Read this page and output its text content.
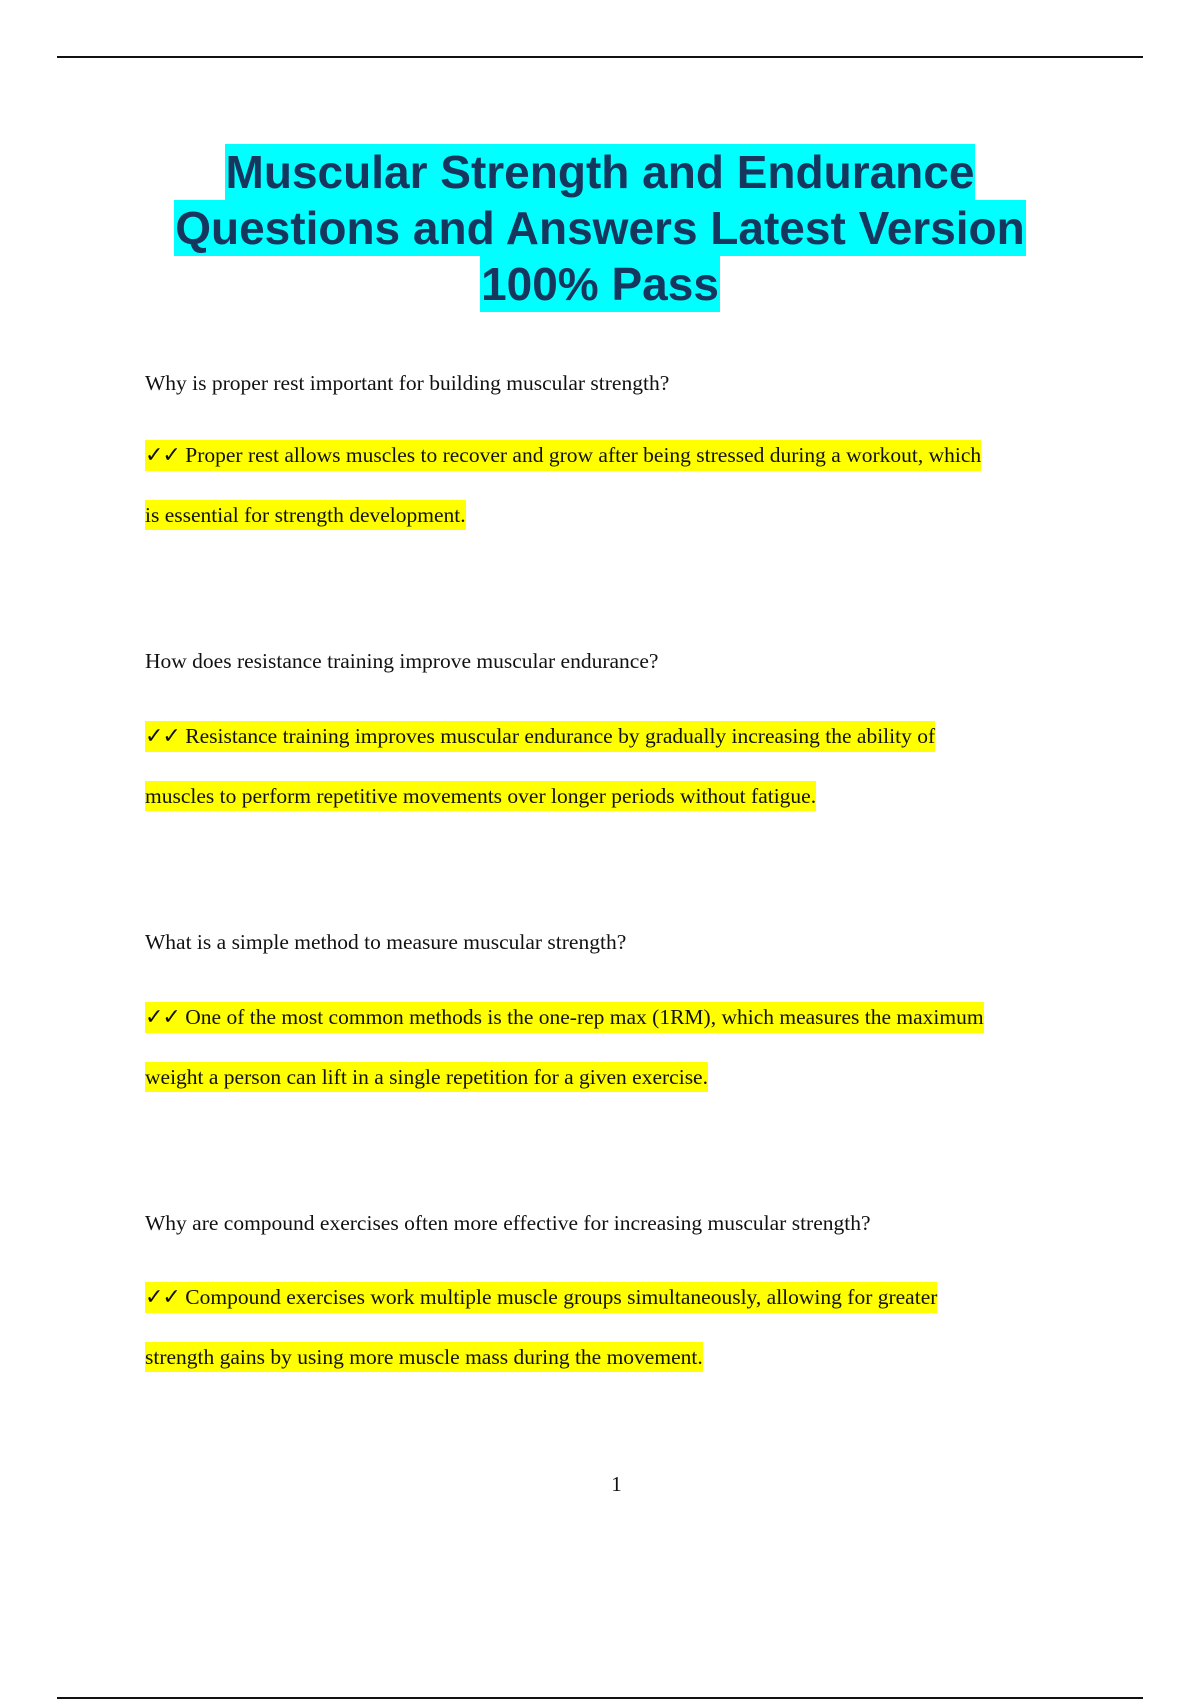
Muscular Strength and Endurance
Questions and Answers Latest Version
100% Pass

Why is proper rest important for building muscular strength?

✓✓ Proper rest allows muscles to recover and grow after being stressed during a workout, which
is essential for strength development.

How does resistance training improve muscular endurance?

✓✓ Resistance training improves muscular endurance by gradually increasing the ability of
muscles to perform repetitive movements over longer periods without fatigue.

What is a simple method to measure muscular strength?

✓✓ One of the most common methods is the one-rep max (1RM), which measures the maximum
weight a person can lift in a single repetition for a given exercise.

Why are compound exercises often more effective for increasing muscular strength?

✓✓ Compound exercises work multiple muscle groups simultaneously, allowing for greater
strength gains by using more muscle mass during the movement.
1
